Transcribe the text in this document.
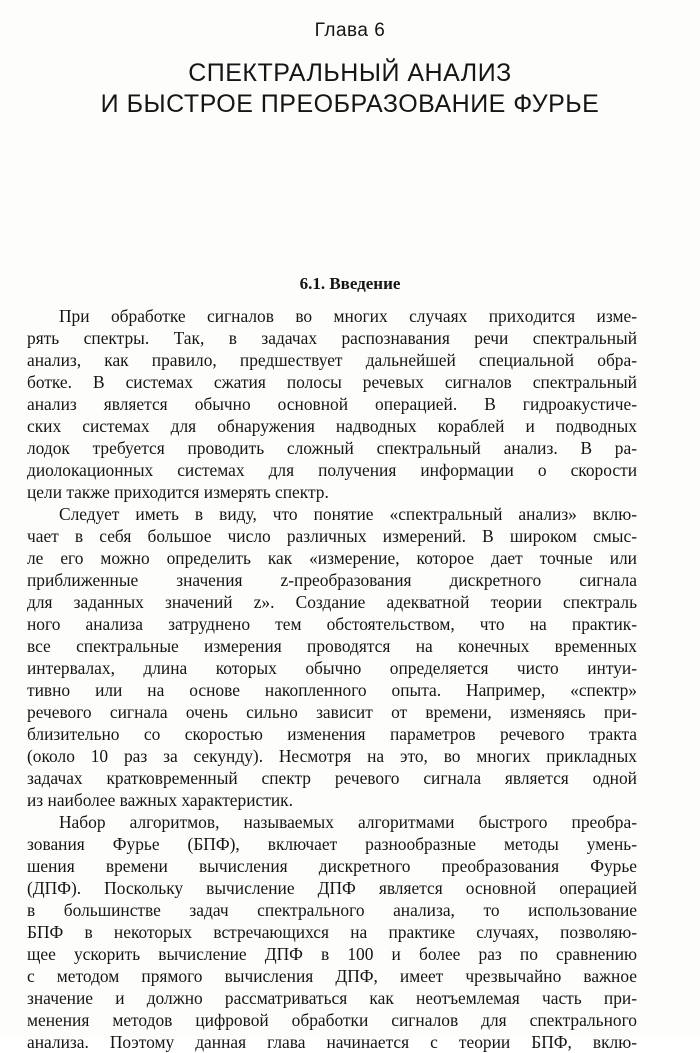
Глава 6
СПЕКТРАЛЬНЫЙ АНАЛИЗ
И БЫСТРОЕ ПРЕОБРАЗОВАНИЕ ФУРЬЕ
6.1. Введение
При обработке сигналов во многих случаях прихoдится изме-
рять спектры. Так, в задачах распознавания речи спектральный
анализ, как правило, предшествует дальнейшей специальной обра-
ботке. В системах сжатия полосы речевых сигналов спектральный
анализ является обычно основной операцией. В гидроакустиче-
ских системах для обнаружения надводных кораблей и подводных
лодок требуется проводить сложный спектральный анализ. В ра-
диолокационных системах для получения информации о скорости
цели также приходится измерять спектр.
Следует иметь в виду, что понятие «спектральный анализ» вклю-
чает в себя большое число различных измерений. В широком смыс-
ле его можно определить как «измерение, которое дает точные или
приближенные значения z-преобразования дискретного сигнала
для заданных значений z». Создание адекватной теории спектраль
ного анализа затруднено тем обстоятельством, что на практик-
все спектральные измерения проводятся на конечных временных
интервалах, длина которых обычно определяется чисто интуи-
тивно или на основе накопленного опыта. Например, «спектр»
речевого сигнала очень сильно зависит от времени, изменяясь при-
близительно со скоростью изменения параметров речевого тракта
(около 10 раз за секунду). Несмотря на это, во многих прикладных
задачах кратковременный спектр речевого сигнала является одной
из наиболее важных характеристик.
Набор алгоритмов, называемых алгоритмами быстрого преобра-
зования Фурье (БПФ), включает разнообразные методы умень-
шения времени вычисления дискретного преобразования Фурье
(ДПФ). Поскольку вычисление ДПФ является основной операцией
в большинстве задач спектрального анализа, то использование
БПФ в некоторых встречающихся на практике случаях, позволяю-
щее ускорить вычисление ДПФ в 100 и более раз по сравнению
с методом прямого вычисления ДПФ, имеет чрезвычайно важное
значение и должно рассматриваться как неотъемлемая часть при-
менения методов цифровой обработки сигналов для спектрального
анализа. Поэтому данная глава начинается с теории БПФ, вклю-
